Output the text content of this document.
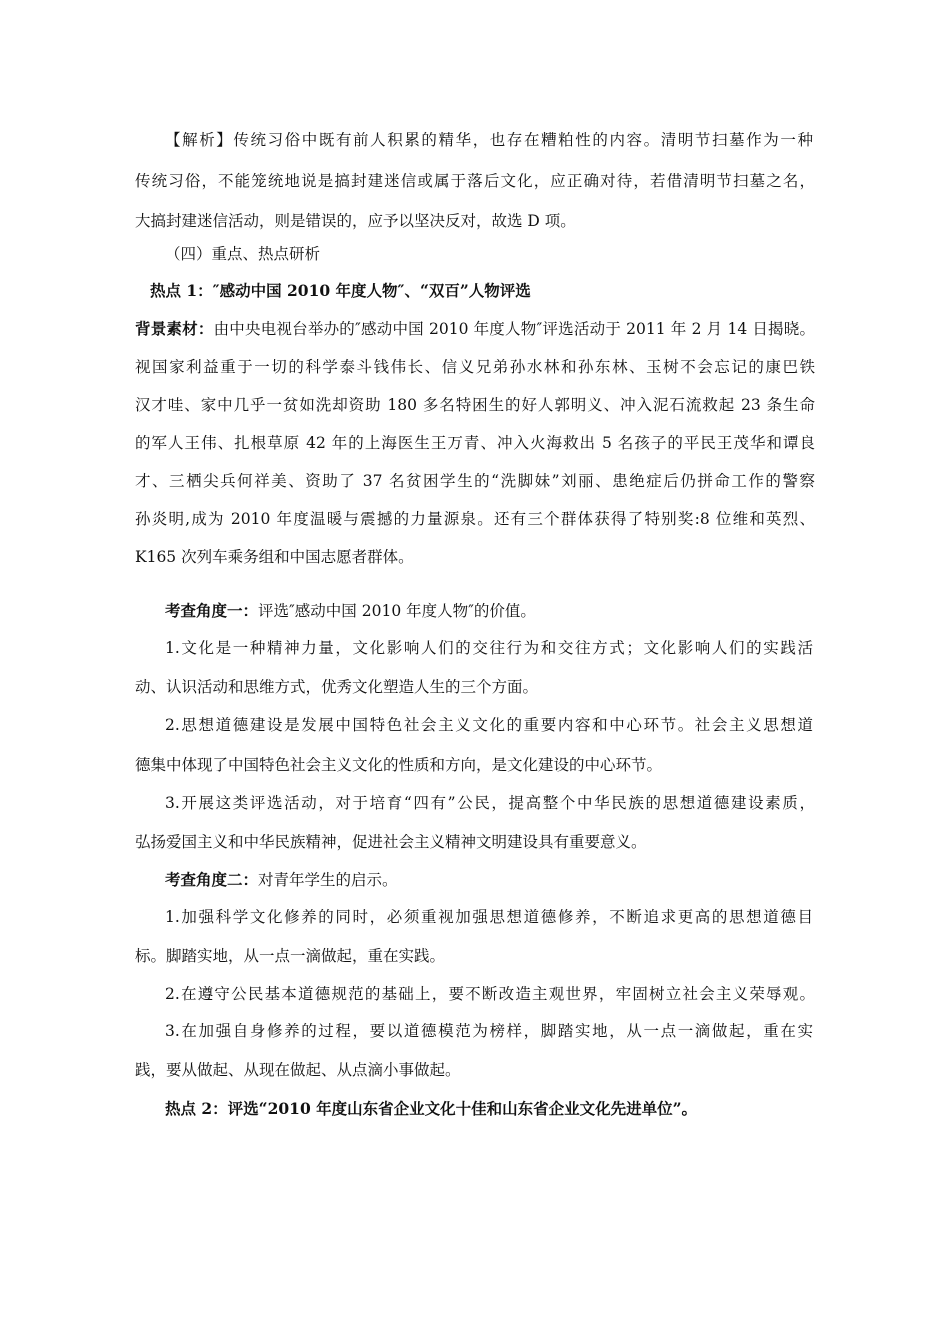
【解析】传统习俗中既有前人积累的精华，也存在糟粕性的内容。清明节扫墓作为一种
传统习俗，不能笼统地说是搞封建迷信或属于落后文化，应正确对待，若借清明节扫墓之名，
大搞封建迷信活动，则是错误的，应予以坚决反对，故选 D 项。
（四）重点、热点研析
热点 1：″感动中国 2010 年度人物″、“双百”人物评选
背景素材：由中央电视台举办的″感动中国 2010 年度人物″评选活动于 2011 年 2 月 14 日揭晓。
视国家利益重于一切的科学泰斗钱伟长、信义兄弟孙水林和孙东林、玉树不会忘记的康巴铁
汉才哇、家中几乎一贫如洗却资助 180 多名特困生的好人郭明义、冲入泥石流救起 23 条生命
的军人王伟、扎根草原 42 年的上海医生王万青、冲入火海救出 5 名孩子的平民王茂华和谭良
才、三栖尖兵何祥美、资助了 37 名贫困学生的“洗脚妹”刘丽、患绝症后仍拼命工作的警察
孙炎明,成为 2010 年度温暖与震撼的力量源泉。还有三个群体获得了特别奖:8 位维和英烈、
K165 次列车乘务组和中国志愿者群体。
考查角度一：评选″感动中国 2010 年度人物″的价值。
1.文化是一种精神力量，文化影响人们的交往行为和交往方式；文化影响人们的实践活
动、认识活动和思维方式，优秀文化塑造人生的三个方面。
2.思想道德建设是发展中国特色社会主义文化的重要内容和中心环节。社会主义思想道
德集中体现了中国特色社会主义文化的性质和方向，是文化建设的中心环节。
3.开展这类评选活动，对于培育“四有”公民，提高整个中华民族的思想道德建设素质，
弘扬爱国主义和中华民族精神，促进社会主义精神文明建设具有重要意义。
考查角度二：对青年学生的启示。
1.加强科学文化修养的同时，必须重视加强思想道德修养，不断追求更高的思想道德目
标。脚踏实地，从一点一滴做起，重在实践。
2.在遵守公民基本道德规范的基础上，要不断改造主观世界，牢固树立社会主义荣辱观。
3.在加强自身修养的过程，要以道德模范为榜样，脚踏实地，从一点一滴做起，重在实
践，要从做起、从现在做起、从点滴小事做起。
热点 2：评选“2010 年度山东省企业文化十佳和山东省企业文化先进单位”。
